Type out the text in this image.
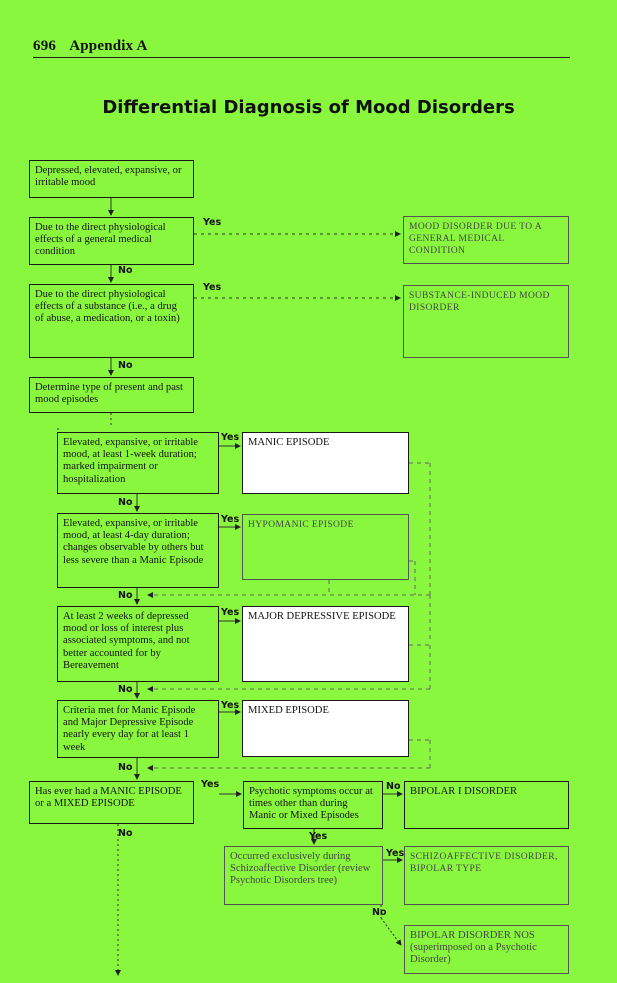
696 Appendix A
Differential Diagnosis of Mood Disorders
Depressed, elevated, expansive, or irritable mood
Due to the direct physiological effects of a general medical condition
Due to the direct physiological effects of a substance (i.e., a drug of abuse, a medication, or a toxin)
Determine type of present and past mood episodes
Elevated, expansive, or irritable mood, at least 1-week duration; marked impairment or hospitalization
Elevated, expansive, or irritable mood, at least 4-day duration; changes observable by others but less severe than a Manic Episode
At least 2 weeks of depressed mood or loss of interest plus associated symptoms, and not better accounted for by Bereavement
Criteria met for Manic Episode and Major Depressive Episode nearly every day for at least 1 week
Has ever had a MANIC EPISODE or a MIXED EPISODE
Psychotic symptoms occur at times other than during Manic or Mixed Episodes
Occurred exclusively during Schizoaffective Disorder (review Psychotic Disorders tree)
MOOD DISORDER DUE TO A GENERAL MEDICAL CONDITION
SUBSTANCE-INDUCED MOOD DISORDER
MANIC EPISODE
HYPOMANIC EPISODE
MAJOR DEPRESSIVE EPISODE
MIXED EPISODE
BIPOLAR I DISORDER
SCHIZOAFFECTIVE DISORDER, BIPOLAR TYPE
BIPOLAR DISORDER NOS (superimposed on a Psychotic Disorder)
Yes
Yes
Yes
Yes
Yes
Yes
Yes
Yes
Yes
No
No
No
No
No
No
No
No
No
